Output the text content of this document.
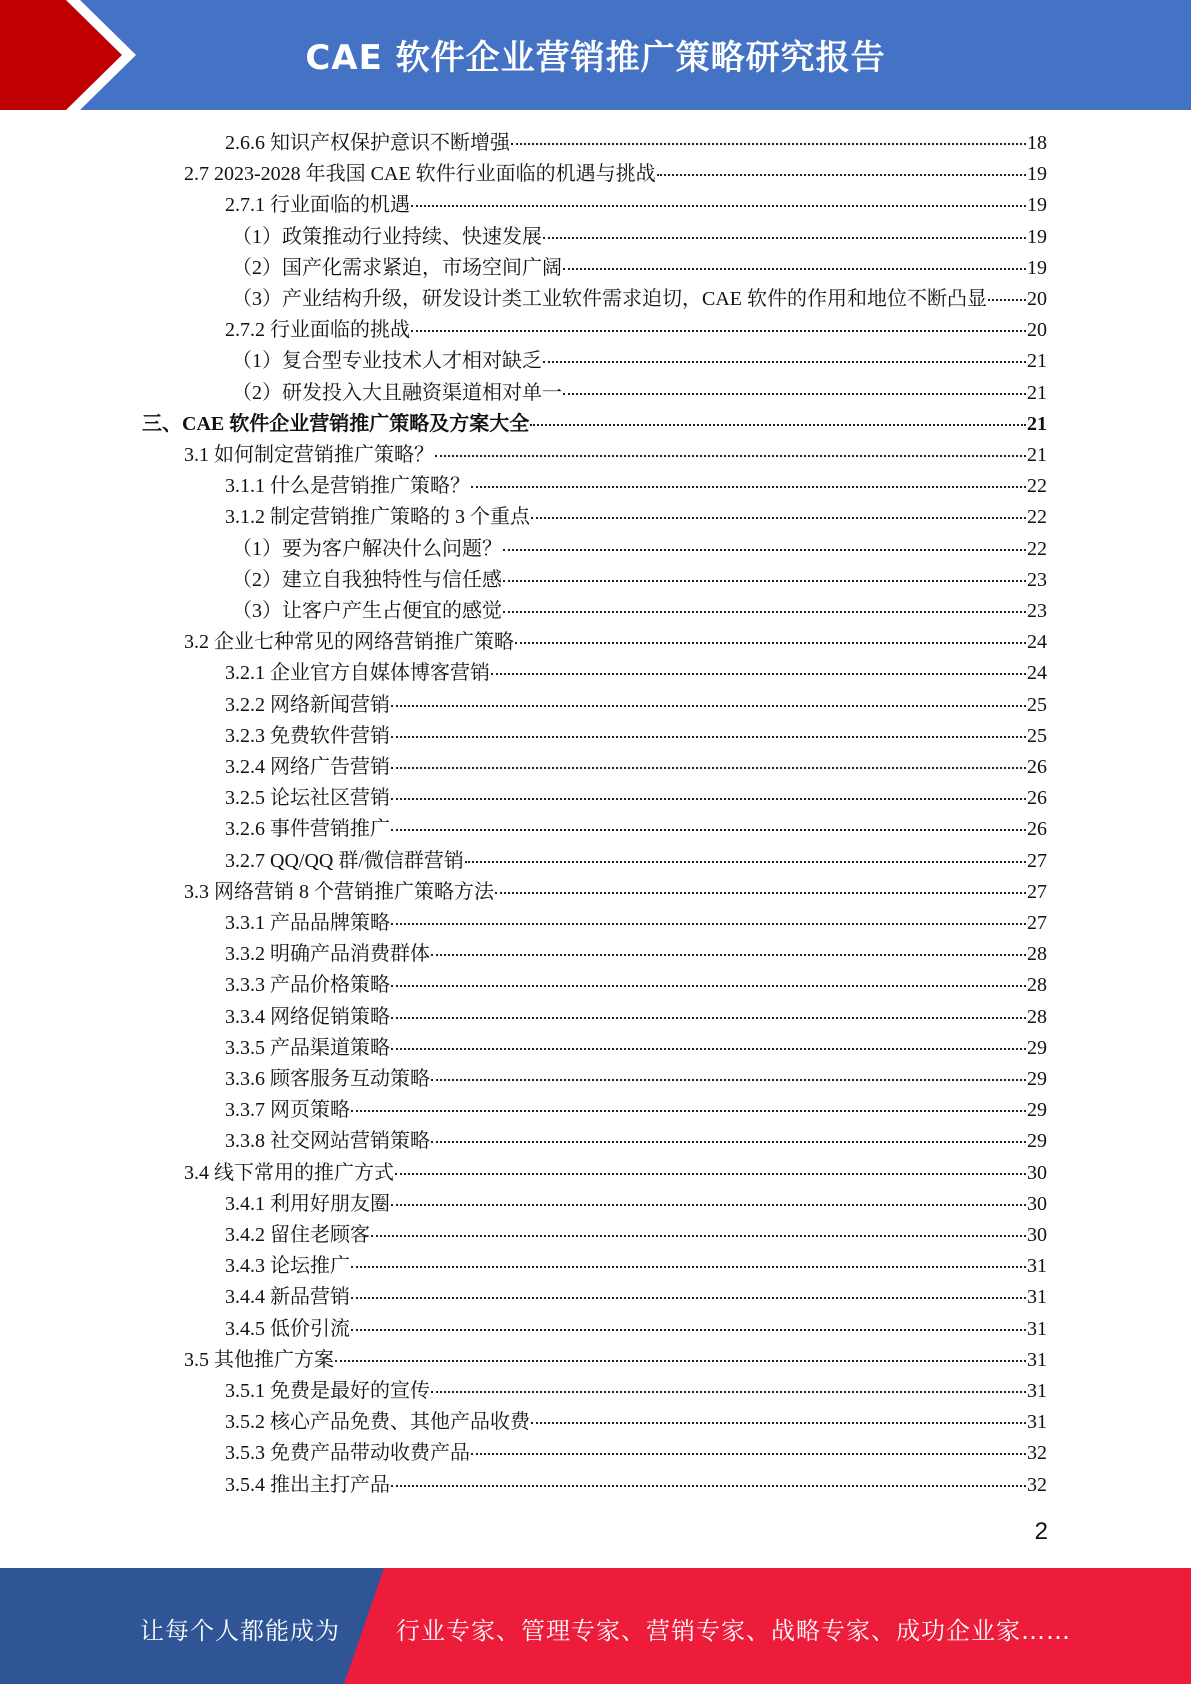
CAE 软件企业营销推广策略研究报告
2.6.6 知识产权保护意识不断增强	18
2.7 2023-2028 年我国 CAE 软件行业面临的机遇与挑战	19
2.7.1 行业面临的机遇	19
（1）政策推动行业持续、快速发展	19
（2）国产化需求紧迫，市场空间广阔	19
（3）产业结构升级，研发设计类工业软件需求迫切，CAE 软件的作用和地位不断凸显 20
2.7.2 行业面临的挑战	20
（1）复合型专业技术人才相对缺乏	21
（2）研发投入大且融资渠道相对单一	21
三、CAE 软件企业营销推广策略及方案大全	21
3.1 如何制定营销推广策略？	21
3.1.1 什么是营销推广策略？	22
3.1.2 制定营销推广策略的 3 个重点	22
（1）要为客户解决什么问题？	22
（2）建立自我独特性与信任感	23
（3）让客户产生占便宜的感觉	23
3.2 企业七种常见的网络营销推广策略	24
3.2.1 企业官方自媒体博客营销	24
3.2.2 网络新闻营销	25
3.2.3 免费软件营销	25
3.2.4 网络广告营销	26
3.2.5 论坛社区营销	26
3.2.6 事件营销推广	26
3.2.7 QQ/QQ 群/微信群营销	27
3.3 网络营销 8 个营销推广策略方法	27
3.3.1 产品品牌策略	27
3.3.2 明确产品消费群体	28
3.3.3 产品价格策略	28
3.3.4 网络促销策略	28
3.3.5 产品渠道策略	29
3.3.6 顾客服务互动策略	29
3.3.7 网页策略	29
3.3.8 社交网站营销策略	29
3.4 线下常用的推广方式	30
3.4.1 利用好朋友圈	30
3.4.2 留住老顾客	30
3.4.3 论坛推广	31
3.4.4 新品营销	31
3.4.5 低价引流	31
3.5 其他推广方案	31
3.5.1 免费是最好的宣传	31
3.5.2 核心产品免费、其他产品收费	31
3.5.3 免费产品带动收费产品	32
3.5.4 推出主打产品	32
2
让每个人都能成为 行业专家、管理专家、营销专家、战略专家、成功企业家……
